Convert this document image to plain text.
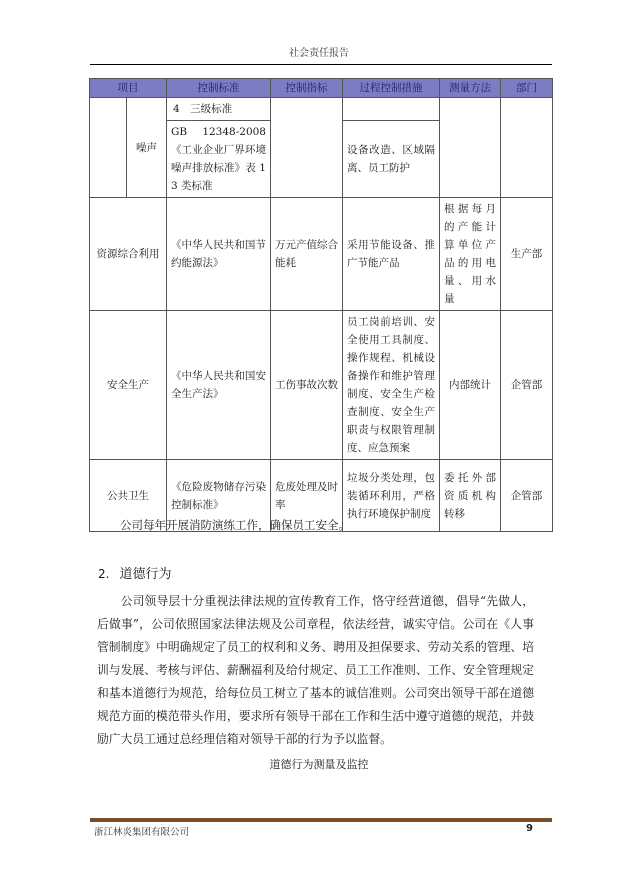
社会责任报告
项目		控制标准	控制指标	过程控制措施	测量方法	部门
	噪声	4　三级标准				
		GB 12348-2008《工业企业厂界环境噪声排放标准》表 1 3 类标准		设备改造、区域隔离、员工防护		
资源综合利用		《中华人民共和国节约能源法》	万元产值综合能耗	采用节能设备、推广节能产品	根据每月的产能计算单位产品的用电量、用水量	生产部
安全生产		《中华人民共和国安全生产法》	工伤事故次数	员工岗前培训、安全使用工具制度、操作规程、机械设备操作和维护管理制度、安全生产检查制度、安全生产职责与权限管理制度、应急预案	内部统计	企管部
公共卫生		《危险废物储存污染控制标准》	危废处理及时率	垃圾分类处理，包装循环利用，严格执行环境保护制度	委托外部资质机构转移	企管部
公司每年开展消防演练工作，确保员工安全。
2. 道德行为

公司领导层十分重视法律法规的宣传教育工作，恪守经营道德，倡导“先做人，后做事”，公司依照国家法律法规及公司章程，依法经营，诚实守信。公司在《人事管制制度》中明确规定了员工的权利和义务、聘用及担保要求、劳动关系的管理、培训与发展、考核与评估、薪酬福利及给付规定、员工工作准则、工作、安全管理规定和基本道德行为规范，给每位员工树立了基本的诚信准则。公司突出领导干部在道德规范方面的模范带头作用，要求所有领导干部在工作和生活中遵守道德的规范，并鼓励广大员工通过总经理信箱对领导干部的行为予以监督。

道德行为测量及监控
浙江林炎集团有限公司	9
